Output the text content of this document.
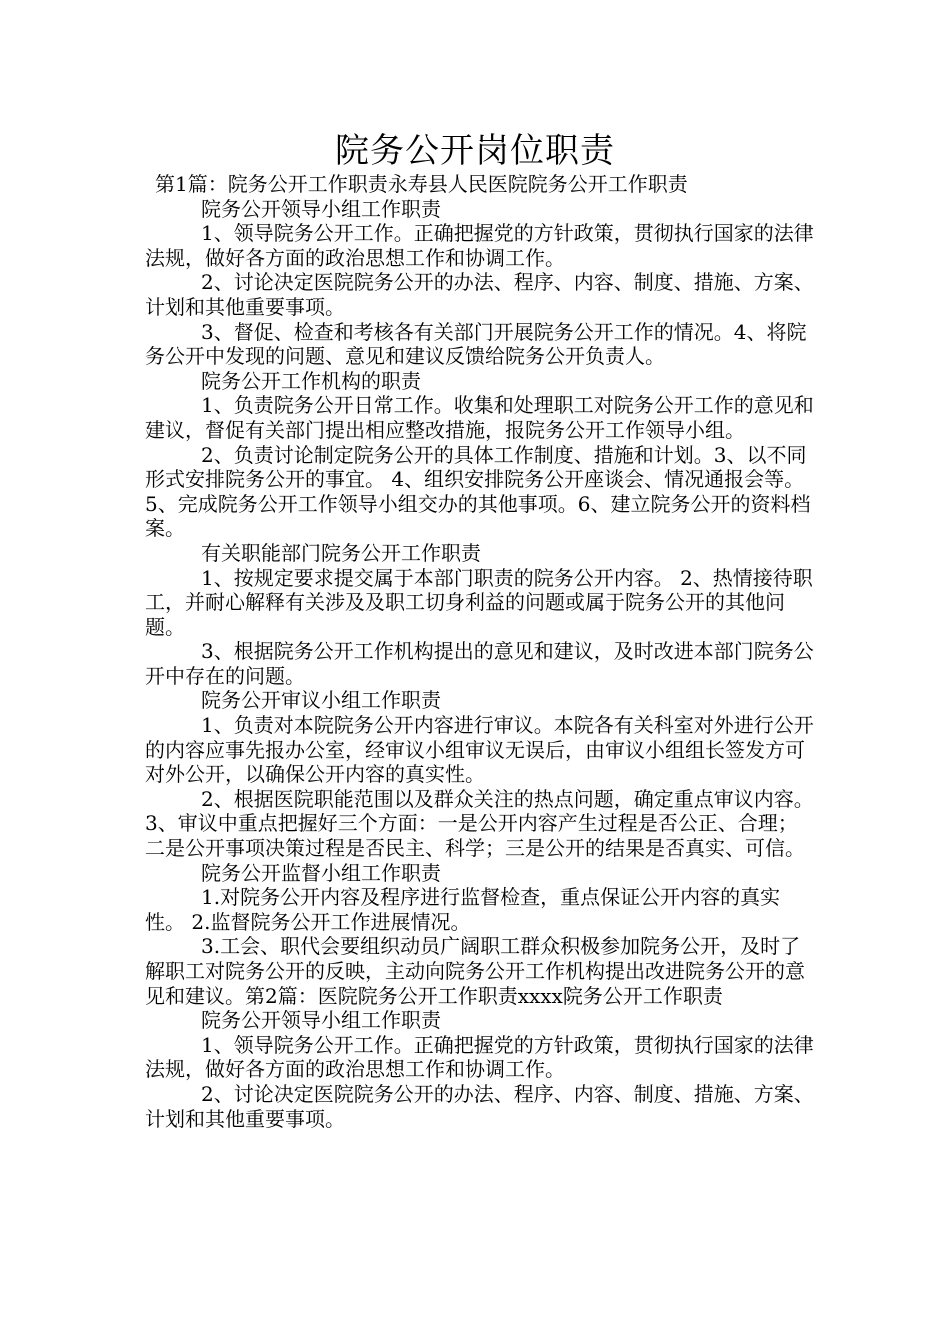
院务公开岗位职责

第1篇：院务公开工作职责永寿县人民医院院务公开工作职责

院务公开领导小组工作职责

1、领导院务公开工作。正确把握党的方针政策，贯彻执行国家的法律法规，做好各方面的政治思想工作和协调工作。

2、讨论决定医院院务公开的办法、程序、内容、制度、措施、方案、计划和其他重要事项。

3、督促、检查和考核各有关部门开展院务公开工作的情况。4、将院务公开中发现的问题、意见和建议反馈给院务公开负责人。

院务公开工作机构的职责

1、负责院务公开日常工作。收集和处理职工对院务公开工作的意见和建议，督促有关部门提出相应整改措施，报院务公开工作领导小组。

2、负责讨论制定院务公开的具体工作制度、措施和计划。3、以不同形式安排院务公开的事宜。 4、组织安排院务公开座谈会、情况通报会等。 5、完成院务公开工作领导小组交办的其他事项。6、建立院务公开的资料档案。

有关职能部门院务公开工作职责

1、按规定要求提交属于本部门职责的院务公开内容。 2、热情接待职工，并耐心解释有关涉及及职工切身利益的问题或属于院务公开的其他问题。

3、根据院务公开工作机构提出的意见和建议，及时改进本部门院务公开中存在的问题。

院务公开审议小组工作职责

1、负责对本院院务公开内容进行审议。本院各有关科室对外进行公开的内容应事先报办公室，经审议小组审议无误后，由审议小组组长签发方可对外公开，以确保公开内容的真实性。

2、根据医院职能范围以及群众关注的热点问题，确定重点审议内容。 3、审议中重点把握好三个方面：一是公开内容产生过程是否公正、合理；二是公开事项决策过程是否民主、科学；三是公开的结果是否真实、可信。

院务公开监督小组工作职责

1.对院务公开内容及程序进行监督检查，重点保证公开内容的真实性。 2.监督院务公开工作进展情况。

3.工会、职代会要组织动员广阔职工群众积极参加院务公开，及时了解职工对院务公开的反映，主动向院务公开工作机构提出改进院务公开的意见和建议。第2篇：医院院务公开工作职责xxxx院务公开工作职责

院务公开领导小组工作职责

1、领导院务公开工作。正确把握党的方针政策，贯彻执行国家的法律法规，做好各方面的政治思想工作和协调工作。

2、讨论决定医院院务公开的办法、程序、内容、制度、措施、方案、计划和其他重要事项。
